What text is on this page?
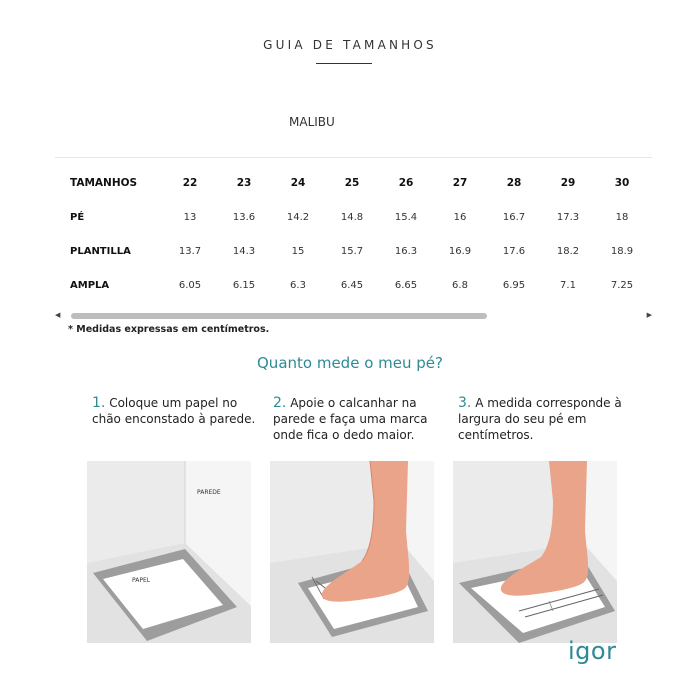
GUIA DE TAMANHOS
MALIBU
TAMANHOS	22	23	24	25	26	27	28	29	30
PÉ	13	13.6	14.2	14.8	15.4	16	16.7	17.3	18
PLANTILLA	13.7	14.3	15	15.7	16.3	16.9	17.6	18.2	18.9
AMPLA	6.05	6.15	6.3	6.45	6.65	6.8	6.95	7.1	7.25
◀	▶
* Medidas expressas em centímetros.
Quanto mede o meu pé?
1. Coloque um papel no chão enconstado à parede.
2. Apoie o calcanhar na parede e faça uma marca onde fica o dedo maior.
3. A medida corresponde à largura do seu pé em centímetros.
PAREDE
PAPEL
igor
